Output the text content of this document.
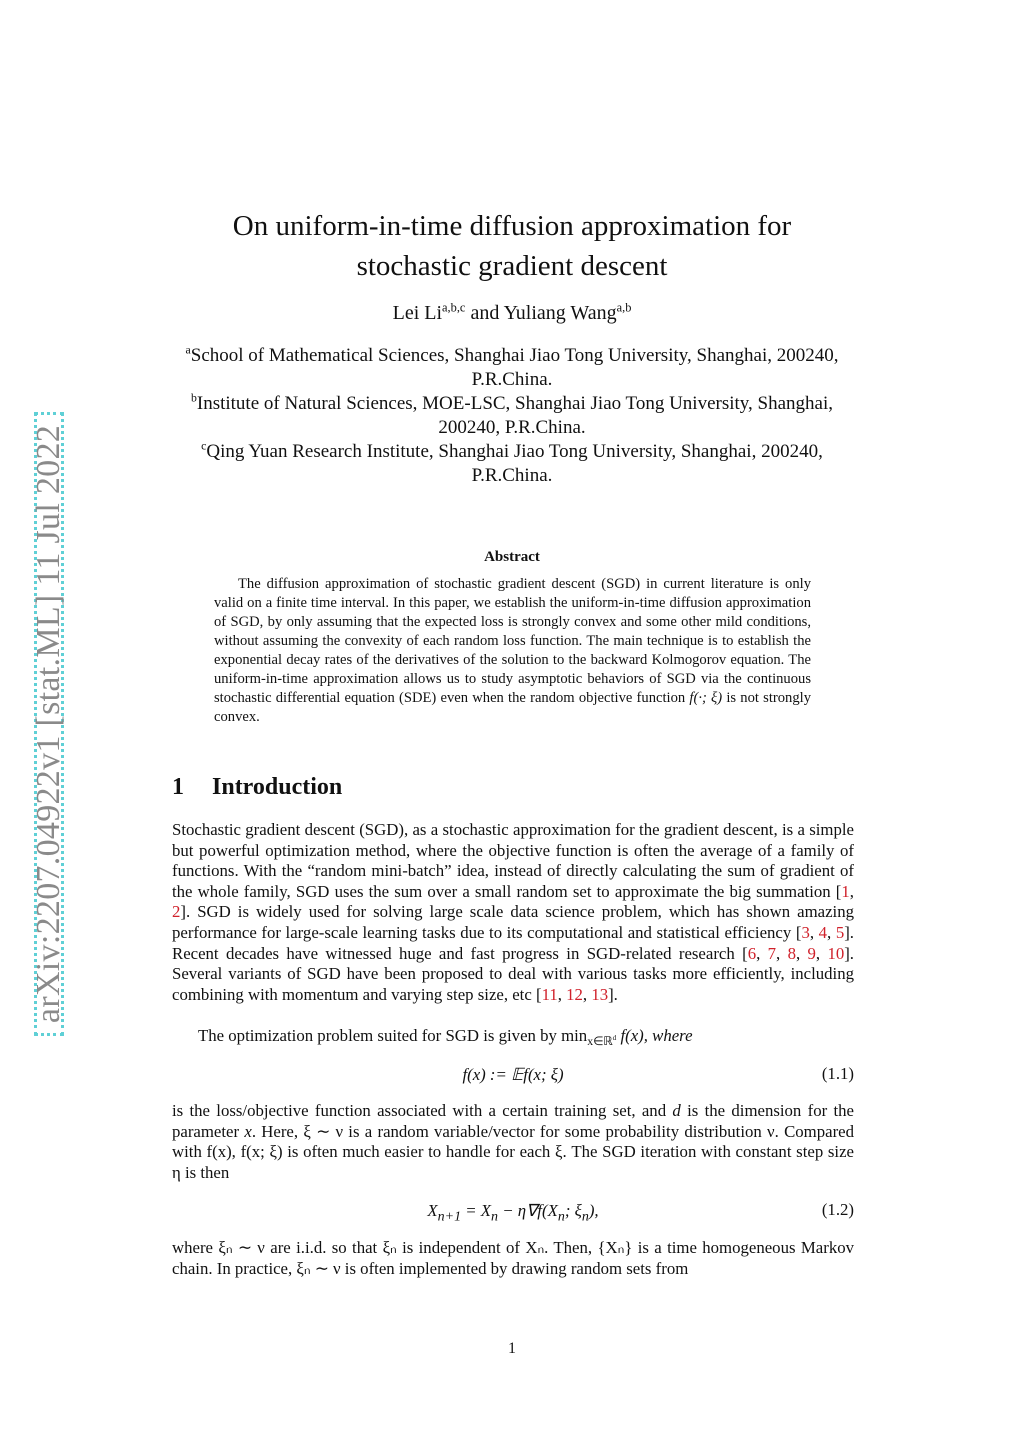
arXiv:2207.04922v1 [stat.ML] 11 Jul 2022
On uniform-in-time diffusion approximation for
stochastic gradient descent
Lei Li$^{a,b,c}$ and Yuliang Wang$^{a,b}$

$^a$School of Mathematical Sciences, Shanghai Jiao Tong University, Shanghai, 200240, P.R.China.

$^b$Institute of Natural Sciences, MOE-LSC, Shanghai Jiao Tong University, Shanghai, 200240, P.R.China.

$^c$Qing Yuan Research Institute, Shanghai Jiao Tong University, Shanghai, 200240, P.R.China.

Abstract

The diffusion approximation of stochastic gradient descent (SGD) in current literature is only valid on a finite time interval. In this paper, we establish the uniform-in-time diffusion approximation of SGD, by only assuming that the expected loss is strongly convex and some other mild conditions, without assuming the convexity of each random loss function. The main technique is to establish the exponential decay rates of the derivatives of the solution to the backward Kolmogorov equation. The uniform-in-time approximation allows us to study asymptotic behaviors of SGD via the continuous stochastic differential equation (SDE) even when the random objective function f(·; ξ) is not strongly convex.

1 Introduction

Stochastic gradient descent (SGD), as a stochastic approximation for the gradient descent, is a simple but powerful optimization method, where the objective function is often the average of a family of functions. With the “random mini-batch” idea, instead of directly calculating the sum of gradient of the whole family, SGD uses the sum over a small random set to approximate the big summation [1, 2]. SGD is widely used for solving large scale data science problem, which has shown amazing performance for large-scale learning tasks due to its computational and statistical efficiency [3, 4, 5]. Recent decades have witnessed huge and fast progress in SGD-related research [6, 7, 8, 9, 10]. Several variants of SGD have been proposed to deal with various tasks more efficiently, including combining with momentum and varying step size, etc [11, 12, 13].

The optimization problem suited for SGD is given by $\min_{x\in ℝ^d} f(x)$, where

f(x) := 𝔼f(x; ξ)	(1.1)

is the loss/objective function associated with a certain training set, and d is the dimension for the parameter x. Here, ξ ∼ ν is a random variable/vector for some probability distribution ν. Compared with f(x), f(x; ξ) is often much easier to handle for each ξ. The SGD iteration with constant step size η is then

$X_{n+1} = X_n - \eta\nabla f(X_n$; $\xi_n$),	(1.2)

where ξₙ ∼ ν are i.i.d. so that ξₙ is independent of Xₙ. Then, {Xₙ} is a time homogeneous Markov chain. In practice, ξₙ ∼ ν is often implemented by drawing random sets from

1
